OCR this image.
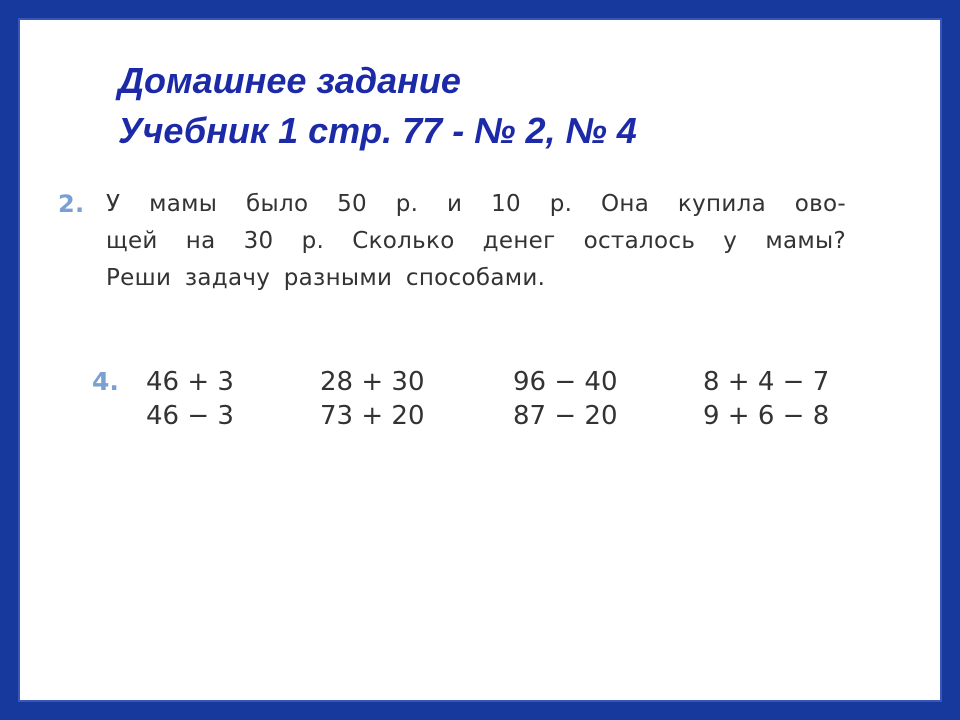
Домашнее задание
Учебник 1 стр. 77 - № 2, № 4
2. У мамы было 50 р. и 10 р. Она купила ово-
щей на 30 р. Сколько денег осталось у мамы?
Реши задачу разными способами.
4. 46 + 3
46 − 3
28 + 30
73 + 20
96 − 40
87 − 20
8 + 4 − 7
9 + 6 − 8
